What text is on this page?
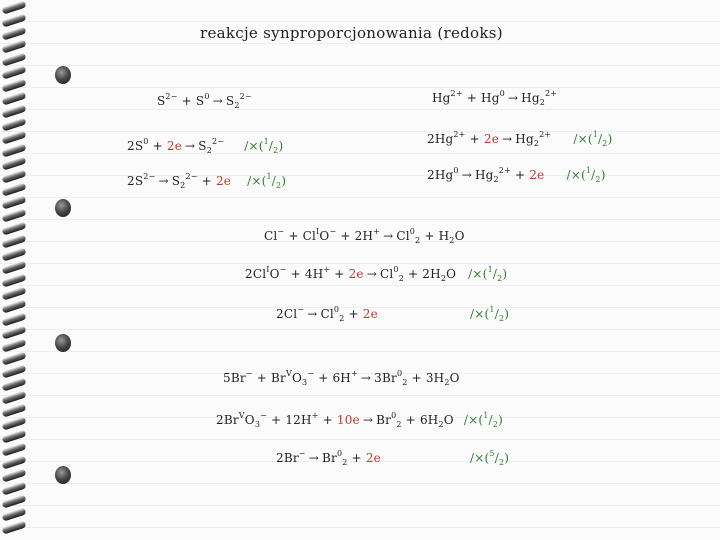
reakcje synproporcjonowania (redoks)
$S^{2-} + S^0 \to S_2^{2-}$
$2S^0 + 2e \to S_2^{2-}$ $/\times(^1/_2)$
$2S^{2-} \to S_2^{2-} + 2e$ $/\times(^1/_2)$
$Hg^{2+} + Hg^0 \to Hg_2^{2+}$
$2Hg^{2+} + 2e \to Hg_2^{2+}$ $/\times(^1/_2)$
$2Hg^0 \to Hg_2^{2+} + 2e$ $/\times(^1/_2)$
$Cl^- + Cl^IO^- + 2H^+ \to Cl^0_2 + H_2O$
$2Cl^IO^- + 4H^+ + 2e \to Cl^0_2 + 2H_2O$ $/\times(^1/_2)$
$2Cl^- \to Cl^0_2 + 2e$	$/\times(^1/_2)$
$5Br^- + Br^VO_3^- + 6H^+ \to 3Br^0_2 + 3H_2O$
$2Br^VO_3^- + 12H^+ + 10e \to Br^0_2 + 6H_2O$ $/\times(^1/_2)$
$2Br^- \to Br^0_2 + 2e$	$/\times(^5/_2)$
